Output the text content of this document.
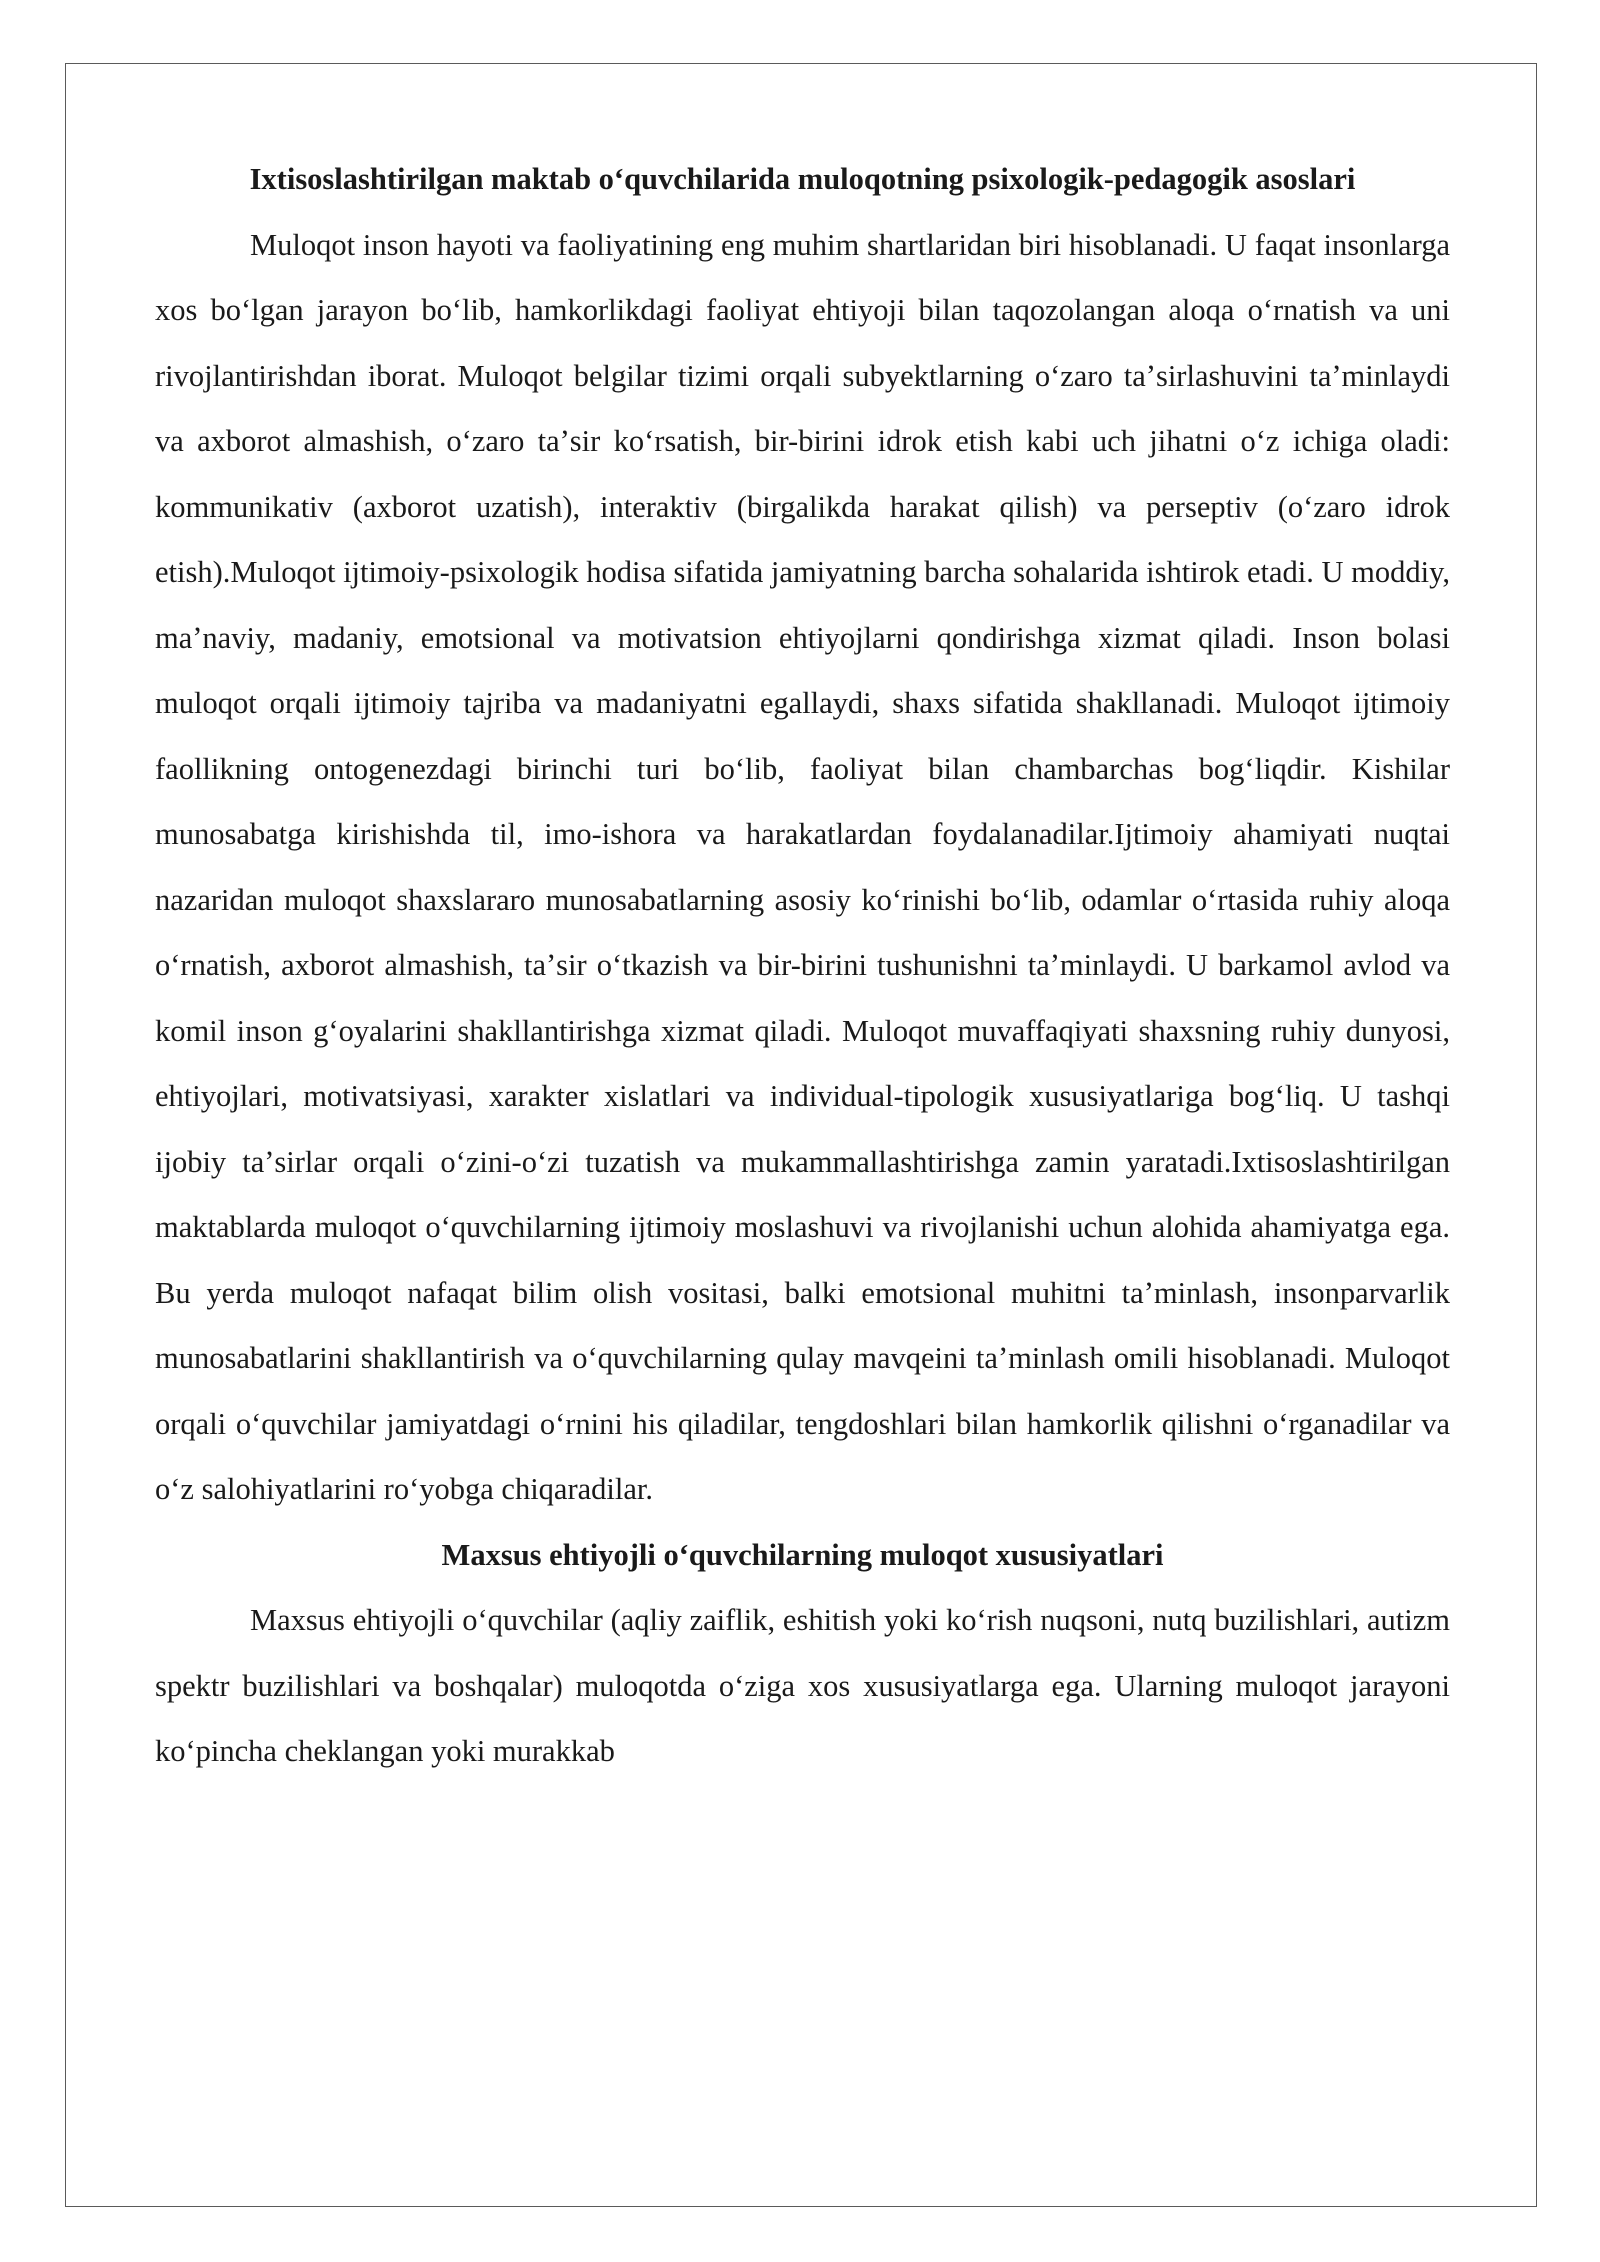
Ixtisoslashtirilgan maktab oʻquvchilarida muloqotning psixologik-pedagogik asoslari

Muloqot inson hayoti va faoliyatining eng muhim shartlaridan biri hisoblanadi. U faqat insonlarga xos boʻlgan jarayon boʻlib, hamkorlikdagi faoliyat ehtiyoji bilan taqozolangan aloqa oʻrnatish va uni rivojlantirishdan iborat. Muloqot belgilar tizimi orqali subyektlarning oʻzaro taʼsirlashuvini taʼminlaydi va axborot almashish, oʻzaro taʼsir koʻrsatish, bir-birini idrok etish kabi uch jihatni oʻz ichiga oladi: kommunikativ (axborot uzatish), interaktiv (birgalikda harakat qilish) va perseptiv (oʻzaro idrok etish).Muloqot ijtimoiy-psixologik hodisa sifatida jamiyatning barcha sohalarida ishtirok etadi. U moddiy, maʼnaviy, madaniy, emotsional va motivatsion ehtiyojlarni qondirishga xizmat qiladi. Inson bolasi muloqot orqali ijtimoiy tajriba va madaniyatni egallaydi, shaxs sifatida shakllanadi. Muloqot ijtimoiy faollikning ontogenezdagi birinchi turi boʻlib, faoliyat bilan chambarchas bogʻliqdir. Kishilar munosabatga kirishishda til, imo-ishora va harakatlardan foydalanadilar.Ijtimoiy ahamiyati nuqtai nazaridan muloqot shaxslararo munosabatlarning asosiy koʻrinishi boʻlib, odamlar oʻrtasida ruhiy aloqa oʻrnatish, axborot almashish, taʼsir oʻtkazish va bir-birini tushunishni taʼminlaydi. U barkamol avlod va komil inson gʻoyalarini shakllantirishga xizmat qiladi. Muloqot muvaffaqiyati shaxsning ruhiy dunyosi, ehtiyojlari, motivatsiyasi, xarakter xislatlari va individual-tipologik xususiyatlariga bogʻliq. U tashqi ijobiy taʼsirlar orqali oʻzini-oʻzi tuzatish va mukammallashtirishga zamin yaratadi.Ixtisoslashtirilgan maktablarda muloqot oʻquvchilarning ijtimoiy moslashuvi va rivojlanishi uchun alohida ahamiyatga ega. Bu yerda muloqot nafaqat bilim olish vositasi, balki emotsional muhitni taʼminlash, insonparvarlik munosabatlarini shakllantirish va oʻquvchilarning qulay mavqeini taʼminlash omili hisoblanadi. Muloqot orqali oʻquvchilar jamiyatdagi oʻrnini his qiladilar, tengdoshlari bilan hamkorlik qilishni oʻrganadilar va oʻz salohiyatlarini roʻyobga chiqaradilar.

Maxsus ehtiyojli oʻquvchilarning muloqot xususiyatlari

Maxsus ehtiyojli oʻquvchilar (aqliy zaiflik, eshitish yoki koʻrish nuqsoni, nutq buzilishlari, autizm spektr buzilishlari va boshqalar) muloqotda oʻziga xos xususiyatlarga ega. Ularning muloqot jarayoni koʻpincha cheklangan yoki murakkab
